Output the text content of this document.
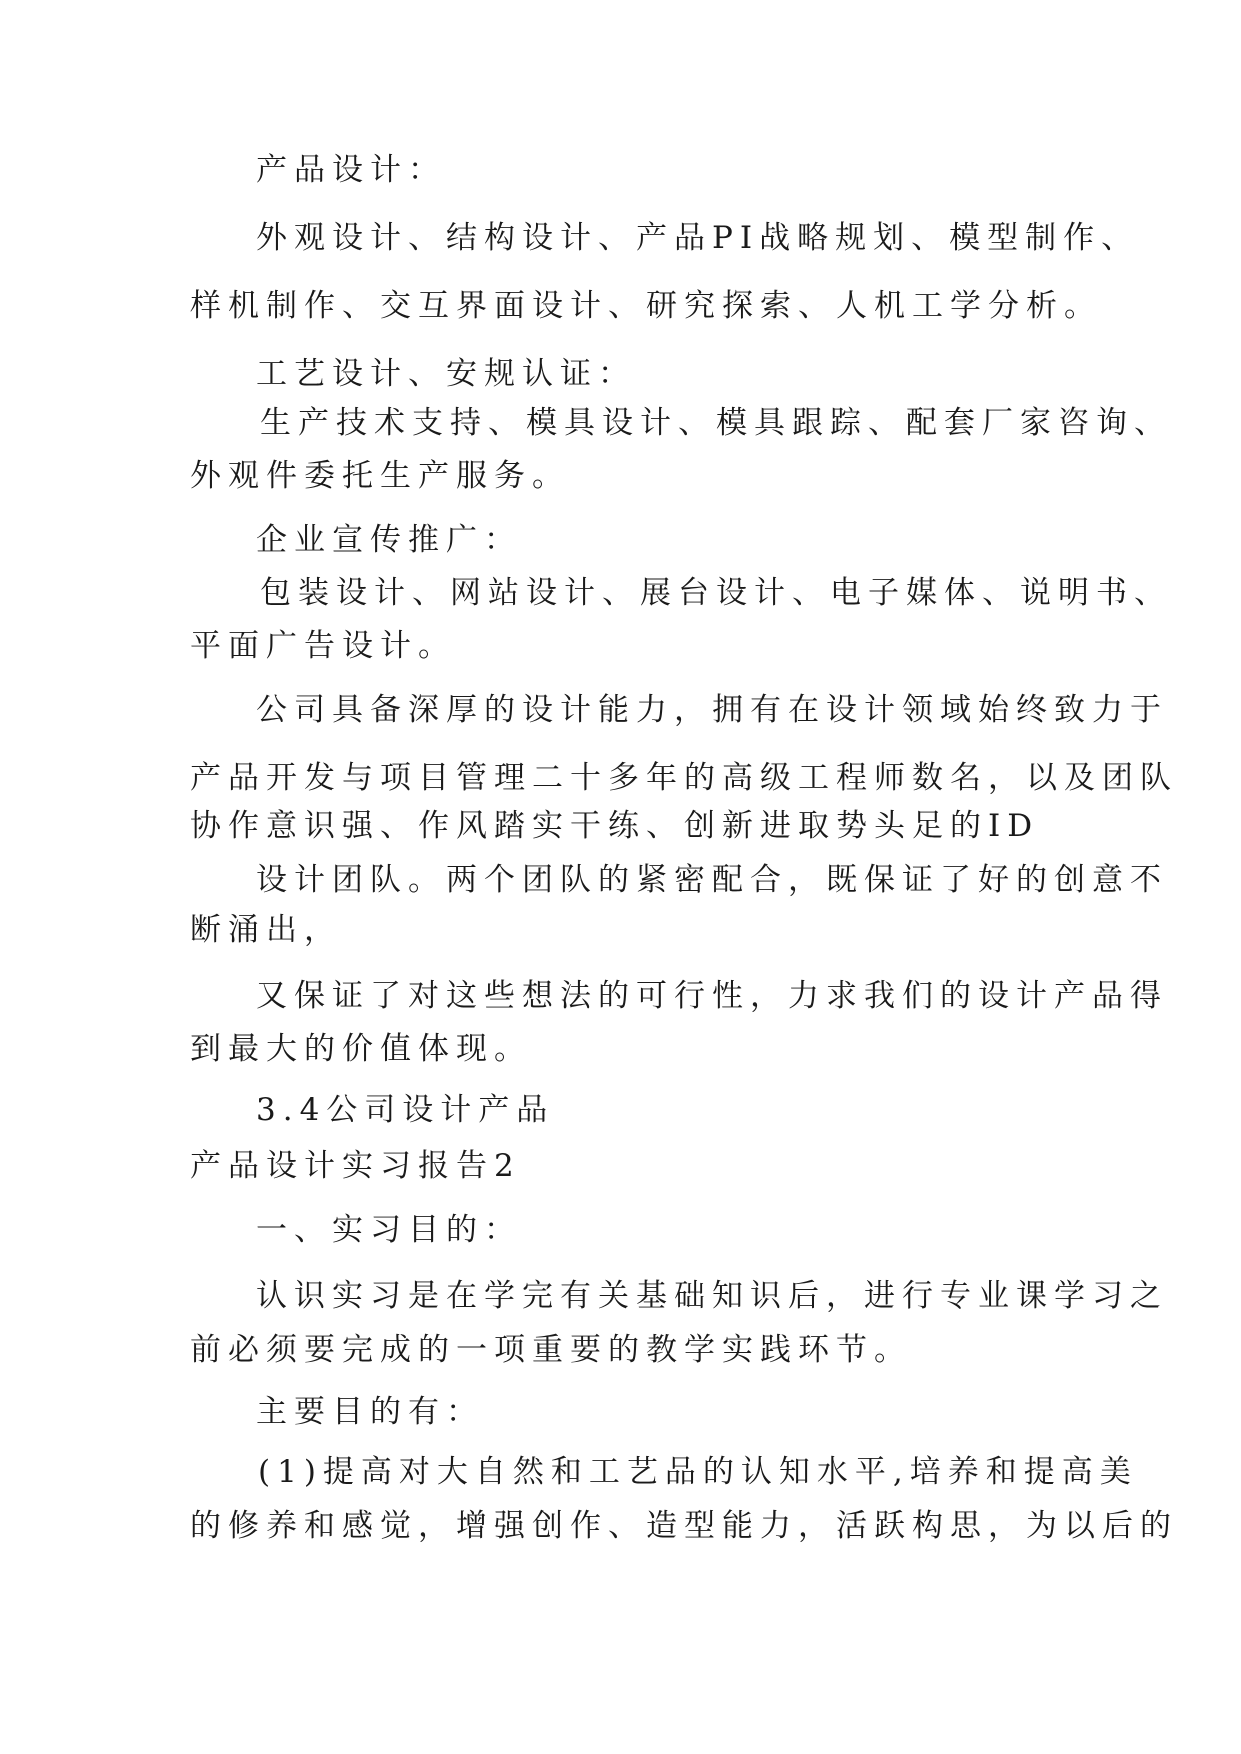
产品设计：
外观设计、结构设计、产品PI战略规划、模型制作、
样机制作、交互界面设计、研究探索、人机工学分析。
工艺设计、安规认证：
生产技术支持、模具设计、模具跟踪、配套厂家咨询、
外观件委托生产服务。
企业宣传推广：
包装设计、网站设计、展台设计、电子媒体、说明书、
平面广告设计。
公司具备深厚的设计能力，拥有在设计领域始终致力于
产品开发与项目管理二十多年的高级工程师数名，以及团队
协作意识强、作风踏实干练、创新进取势头足的ID
设计团队。两个团队的紧密配合，既保证了好的创意不
断涌出，
又保证了对这些想法的可行性，力求我们的设计产品得
到最大的价值体现。
3.4公司设计产品
产品设计实习报告2
一、实习目的：
认识实习是在学完有关基础知识后，进行专业课学习之
前必须要完成的一项重要的教学实践环节。
主要目的有：
(1)提高对大自然和工艺品的认知水平,培养和提高美
的修养和感觉，增强创作、造型能力，活跃构思，为以后的
